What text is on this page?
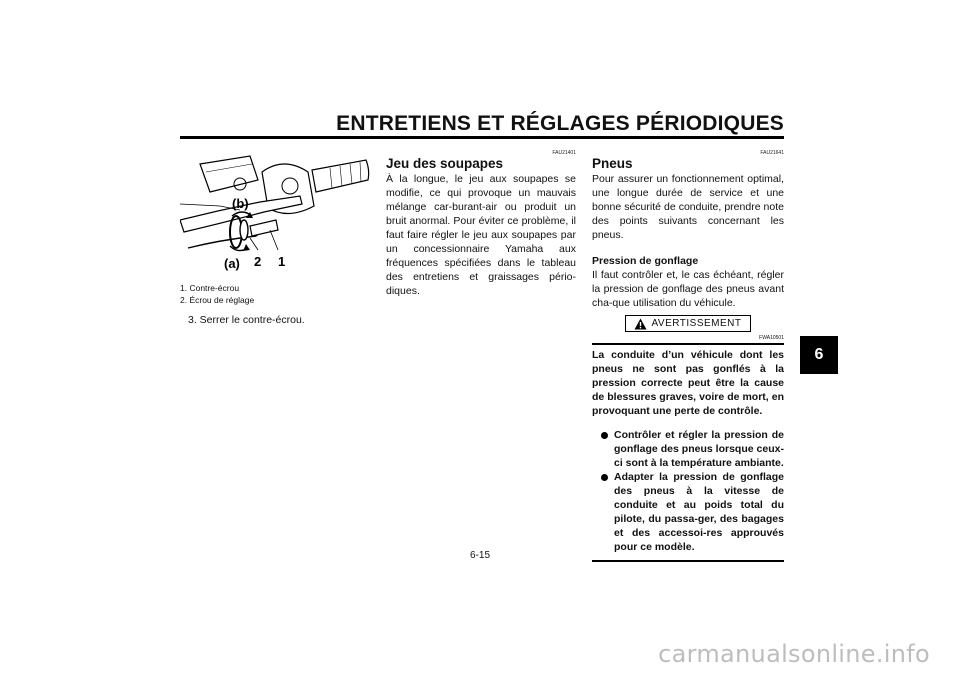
ENTRETIENS ET RÉGLAGES PÉRIODIQUES
6
(b)
(a) 2 1
1. Contre-écrou
2. Écrou de réglage
3. Serrer le contre-écrou.
FAU21401
Jeu des soupapes

À la longue, le jeu aux soupapes se modifie, ce qui provoque un mauvais mélange car-burant-air ou produit un bruit anormal. Pour éviter ce problème, il faut faire régler le jeu aux soupapes par un concessionnaire Yamaha aux fréquences spécifiées dans le tableau des entretiens et graissages pério-diques.

FAU21641
Pneus

Pour assurer un fonctionnement optimal, une longue durée de service et une bonne sécurité de conduite, prendre note des points suivants concernant les pneus.

Pression de gonflage

Il faut contrôler et, le cas échéant, régler la pression de gonflage des pneus avant cha-que utilisation du véhicule.

AVERTISSEMENT
FWA10501

La conduite d’un véhicule dont les pneus ne sont pas gonflés à la pression correcte peut être la cause de blessures graves, voire de mort, en provoquant une perte de contrôle.

Contrôler et régler la pression de gonflage des pneus lorsque ceux-ci sont à la température ambiante.
Adapter la pression de gonflage des pneus à la vitesse de conduite et au poids total du pilote, du passa-ger, des bagages et des accessoi-res approuvés pour ce modèle.
6-15
carmanualsonline.info
